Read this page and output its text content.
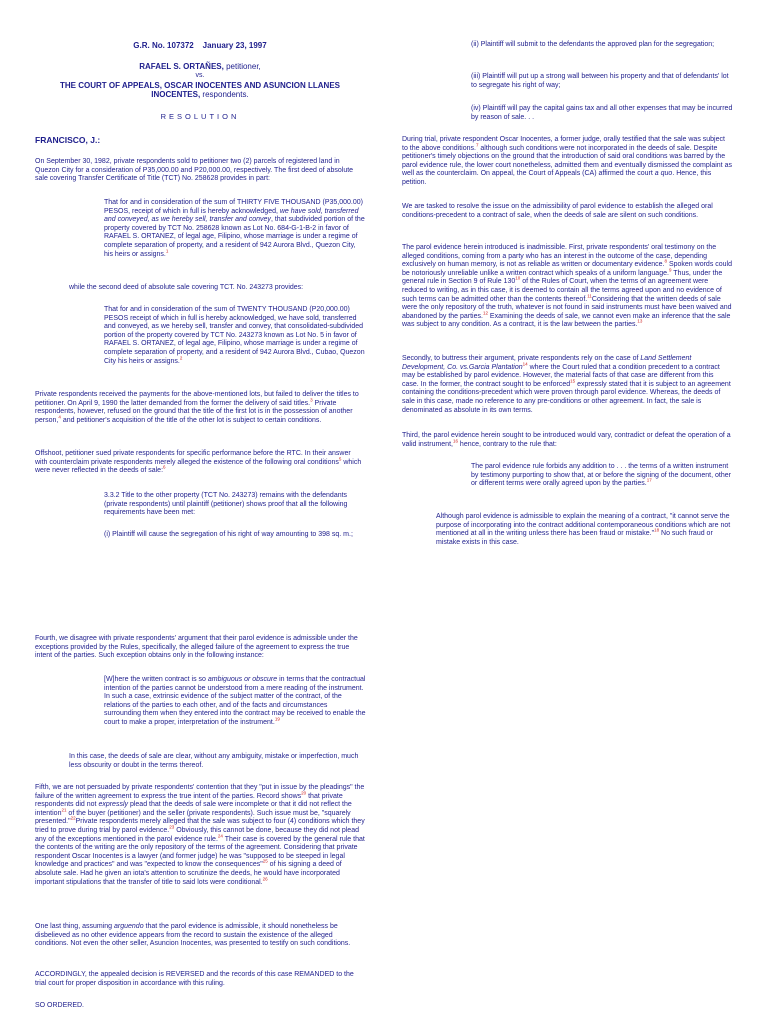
G.R. No. 107372 January 23, 1997
RAFAEL S. ORTAÑES, petitioner,
vs.
THE COURT OF APPEALS, OSCAR INOCENTES AND ASUNCION LLANES
INOCENTES, respondents.
RESOLUTION
FRANCISCO, J.:

On September 30, 1982, private respondents sold to petitioner two (2) parcels of registered land in Quezon City for a consideration of P35,000.00 and P20,000.00, respectively. The first deed of absolute sale covering Transfer Certificate of Title (TCT) No. 258628 provides in part:

That for and in consideration of the sum of THIRTY FIVE THOUSAND (P35,000.00) PESOS, receipt of which in full is hereby acknowledged, we have sold, transferred and conveyed, as we hereby sell, transfer and convey, that subdivided portion of the property covered by TCT No. 258628 known as Lot No. 684-G-1-B-2 in favor of RAFAEL S. ORTANEZ, of legal age, Filipino, whose marriage is under a regime of complete separation of property, and a resident of 942 Aurora Blvd., Quezon City, his heirs or assigns.$^1$

while the second deed of absolute sale covering TCT. No. 243273 provides:

That for and in consideration of the sum of TWENTY THOUSAND (P20,000.00) PESOS receipt of which in full is hereby acknowledged, we have sold, transferred and conveyed, as we hereby sell, transfer and convey, that consolidated-subdivided portion of the property covered by TCT No. 243273 known as Lot No. 5 in favor of RAFAEL S. ORTANEZ, of legal age, Filipino, whose marriage is under a regime of complete separation of property, and a resident of 942 Aurora Blvd., Cubao, Quezon City his heirs or assigns.$^2$

Private respondents received the payments for the above-mentioned lots, but failed to deliver the titles to petitioner. On April 9, 1990 the latter demanded from the former the delivery of said titles.$^3$ Private respondents, however, refused on the ground that the title of the first lot is in the possession of another person,$^4$ and petitioner's acquisition of the title of the other lot is subject to certain conditions.

Offshoot, petitioner sued private respondents for specific performance before the RTC. In their answer with counterclaim private respondents merely alleged the existence of the following oral conditions$^5$ which were never reflected in the deeds of sale:$^6$

3.3.2 Title to the other property (TCT No. 243273) remains with the defendants (private respondents) until plaintiff (petitioner) shows proof that all the following requirements have been met:

(i) Plaintiff will cause the segregation of his right of way amounting to 398 sq. m.;

(ii) Plaintiff will submit to the defendants the approved plan for the segregation;

(iii) Plaintiff will put up a strong wall between his property and that of defendants' lot to segregate his right of way;

(iv) Plaintiff will pay the capital gains tax and all other expenses that may be incurred by reason of sale. . .

During trial, private respondent Oscar Inocentes, a former judge, orally testified that the sale was subject to the above conditions.$^7$ although such conditions were not incorporated in the deeds of sale. Despite petitioner's timely objections on the ground that the introduction of said oral conditions was barred by the parol evidence rule, the lower court nonetheless, admitted them and eventually dismissed the complaint as well as the counterclaim. On appeal, the Court of Appeals (CA) affirmed the court a quo. Hence, this petition.

We are tasked to resolve the issue on the admissibility of parol evidence to establish the alleged oral conditions-precedent to a contract of sale, when the deeds of sale are silent on such conditions.

The parol evidence herein introduced is inadmissible. First, private respondents' oral testimony on the alleged conditions, coming from a party who has an interest in the outcome of the case, depending exclusively on human memory, is not as reliable as written or documentary evidence.$^8$ Spoken words could be notoriously unreliable unlike a written contract which speaks of a uniform language.$^9$ Thus, under the general rule in Section 9 of Rule $130^{10}$ of the Rules of Court, when the terms of an agreement were reduced to writing, as in this case, it is deemed to contain all the terms agreed upon and no evidence of such terms can be admitted other than the contents thereof.$^{11}$Considering that the written deeds of sale were the only repository of the truth, whatever is not found in said instruments must have been waived and abandoned by the parties.$^{12}$ Examining the deeds of sale, we cannot even make an inference that the sale was subject to any condition. As a contract, it is the law between the parties.$^{13}$

Secondly, to buttress their argument, private respondents rely on the case of Land Settlement Development, Co. vs.Garcia Plantation$^{14}$ where the Court ruled that a condition precedent to a contract may be established by parol evidence. However, the material facts of that case are different from this case. In the former, the contract sought to be enforced$^{15}$ expressly stated that it is subject to an agreement containing the conditions-precedent which were proven through parol evidence. Whereas, the deeds of sale in this case, made no reference to any pre-conditions or other agreement. In fact, the sale is denominated as absolute in its own terms.

Third, the parol evidence herein sought to be introduced would vary, contradict or defeat the operation of a valid instrument,$^{16}$ hence, contrary to the rule that:

The parol evidence rule forbids any addition to . . . the terms of a written instrument by testimony purporting to show that, at or before the signing of the document, other or different terms were orally agreed upon by the parties.$^{17}$

Although parol evidence is admissible to explain the meaning of a contract, "it cannot serve the purpose of incorporating into the contract additional contemporaneous conditions which are not mentioned at all in the writing unless there has been fraud or mistake."$^{18}$ No such fraud or mistake exists in this case.

Fourth, we disagree with private respondents' argument that their parol evidence is admissible under the exceptions provided by the Rules, specifically, the alleged failure of the agreement to express the true intent of the parties. Such exception obtains only in the following instance:

[W]here the written contract is so ambiguous or obscure in terms that the contractual intention of the parties cannot be understood from a mere reading of the instrument. In such a case, extrinsic evidence of the subject matter of the contract, of the relations of the parties to each other, and of the facts and circumstances surrounding them when they entered into the contract may be received to enable the court to make a proper, interpretation of the instrument.$^{19}$

In this case, the deeds of sale are clear, without any ambiguity, mistake or imperfection, much less obscurity or doubt in the terms thereof.

Fifth, we are not persuaded by private respondents' contention that they "put in issue by the pleadings" the failure of the written agreement to express the true intent of the parties. Record shows$^{20}$ that private respondents did not expressly plead that the deeds of sale were incomplete or that it did not reflect the intention$^{21}$ of the buyer (petitioner) and the seller (private respondents). Such issue must be, "squarely presented."$^{22}$Private respondents merely alleged that the sale was subject to four (4) conditions which they tried to prove during trial by parol evidence.$^{23}$ Obviously, this cannot be done, because they did not plead any of the exceptions mentioned in the parol evidence rule.$^{24}$ Their case is covered by the general rule that the contents of the writing are the only repository of the terms of the agreement. Considering that private respondent Oscar Inocentes is a lawyer (and former judge) he was "supposed to be steeped in legal knowledge and practices" and was "expected to know the consequences"$^{25}$ of his signing a deed of absolute sale. Had he given an iota's attention to scrutinize the deeds, he would have incorporated important stipulations that the transfer of title to said lots were conditional.$^{26}$

One last thing, assuming arguendo that the parol evidence is admissible, it should nonetheless be disbelieved as no other evidence appears from the record to sustain the existence of the alleged conditions. Not even the other seller, Asuncion Inocentes, was presented to testify on such conditions.

ACCORDINGLY, the appealed decision is REVERSED and the records of this case REMANDED to the trial court for proper disposition in accordance with this ruling.

SO ORDERED.
